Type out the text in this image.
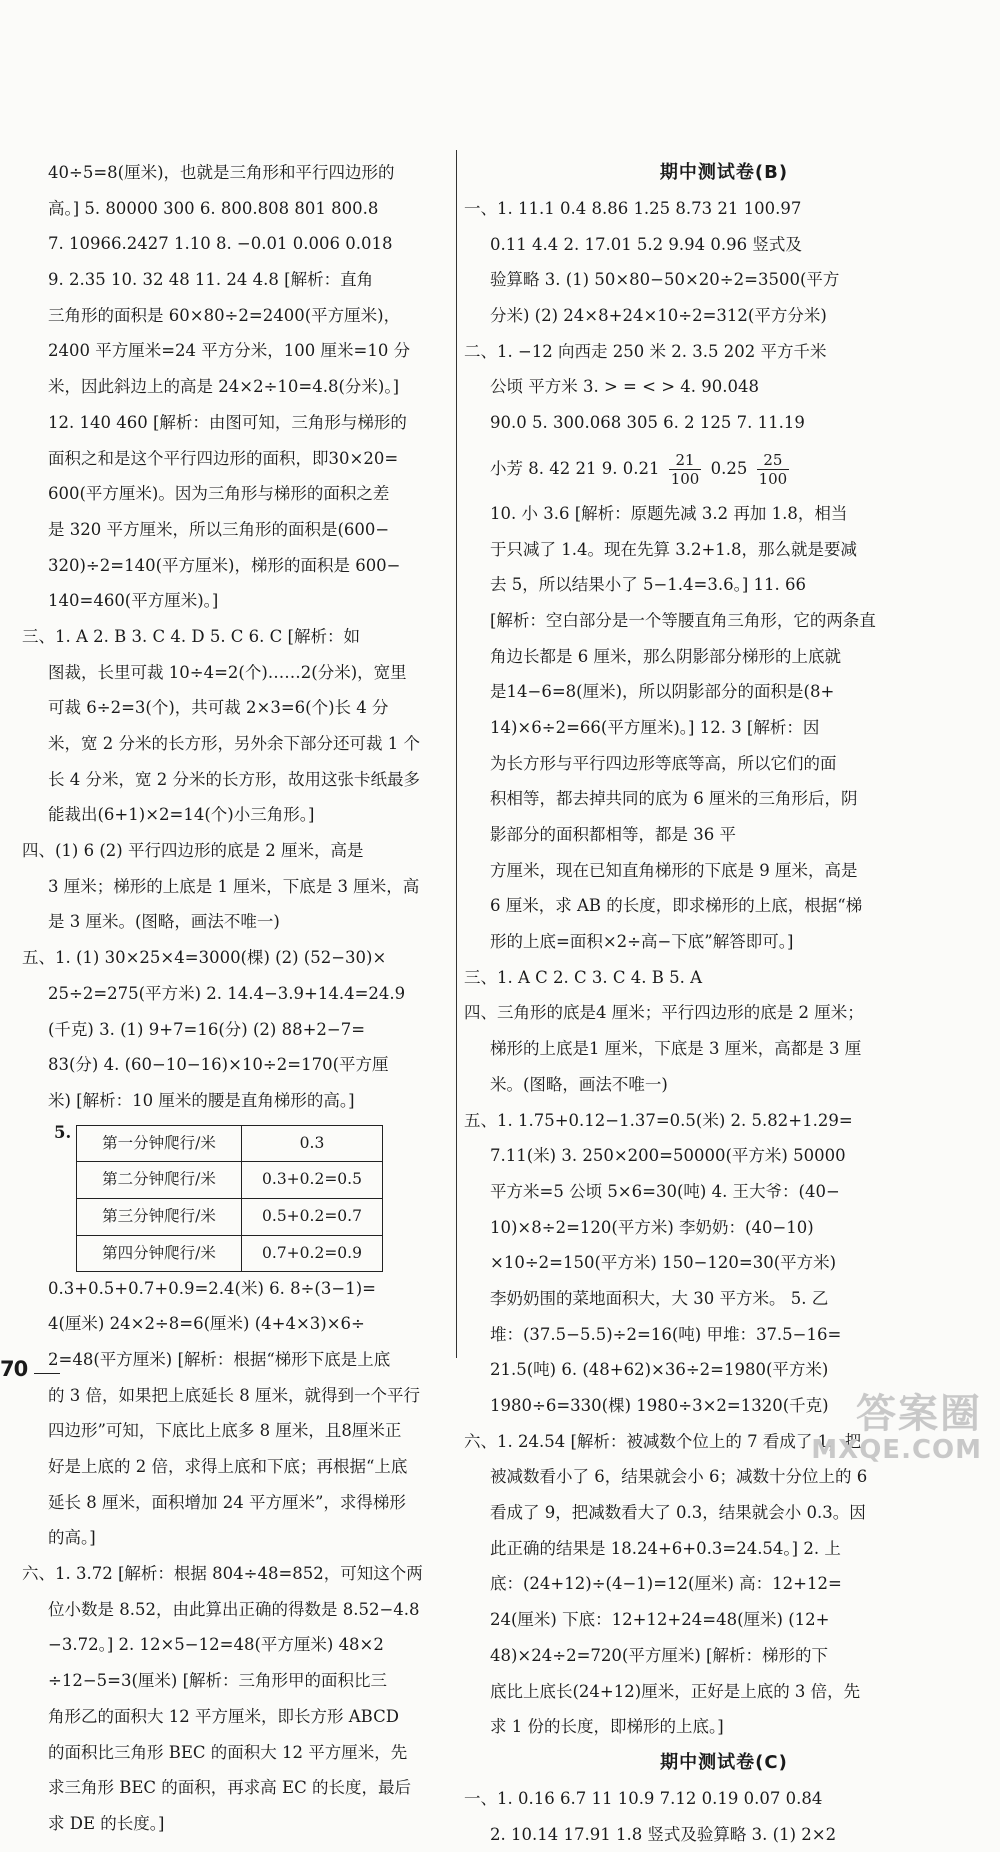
40÷5=8(厘米)，也就是三角形和平行四边形的
高。] 5. 80000 300 6. 800.808 801 800.8
7. 10966.2427 1.10 8. −0.01 0.006 0.018
9. 2.35 10. 32 48 11. 24 4.8 [解析：直角
三角形的面积是 60×80÷2=2400(平方厘米)，
2400 平方厘米=24 平方分米，100 厘米=10 分
米，因此斜边上的高是 24×2÷10=4.8(分米)。]
12. 140 460 [解析：由图可知，三角形与梯形的
面积之和是这个平行四边形的面积，即30×20=
600(平方厘米)。因为三角形与梯形的面积之差
是 320 平方厘米，所以三角形的面积是(600−
320)÷2=140(平方厘米)，梯形的面积是 600−
140=460(平方厘米)。]
三、1. A 2. B 3. C 4. D 5. C 6. C [解析：如
图裁，长里可裁 10÷4=2(个)……2(分米)，宽里
可裁 6÷2=3(个)，共可裁 2×3=6(个)长 4 分
米，宽 2 分米的长方形，另外余下部分还可裁 1 个
长 4 分米，宽 2 分米的长方形，故用这张卡纸最多
能裁出(6+1)×2=14(个)小三角形。]
四、(1) 6 (2) 平行四边形的底是 2 厘米，高是
3 厘米；梯形的上底是 1 厘米，下底是 3 厘米，高
是 3 厘米。(图略，画法不唯一)
五、1. (1) 30×25×4=3000(棵) (2) (52−30)×
25÷2=275(平方米) 2. 14.4−3.9+14.4=24.9
(千克) 3. (1) 9+7=16(分) (2) 88+2−7=
83(分) 4. (60−10−16)×10÷2=170(平方厘
米) [解析：10 厘米的腰是直角梯形的高。]
5.
第一分钟爬行/米	0.3
第二分钟爬行/米	0.3+0.2=0.5
第三分钟爬行/米	0.5+0.2=0.7
第四分钟爬行/米	0.7+0.2=0.9
0.3+0.5+0.7+0.9=2.4(米) 6. 8÷(3−1)=
4(厘米) 24×2÷8=6(厘米) (4+4×3)×6÷
2=48(平方厘米) [解析：根据“梯形下底是上底
的 3 倍，如果把上底延长 8 厘米，就得到一个平行
四边形”可知，下底比上底多 8 厘米，且8厘米正
好是上底的 2 倍，求得上底和下底；再根据“上底
延长 8 厘米，面积增加 24 平方厘米”，求得梯形
的高。]
六、1. 3.72 [解析：根据 804÷48=852，可知这个两
位小数是 8.52，由此算出正确的得数是 8.52−4.8
−3.72。] 2. 12×5−12=48(平方厘米) 48×2
÷12−5=3(厘米) [解析：三角形甲的面积比三
角形乙的面积大 12 平方厘米，即长方形 ABCD
的面积比三角形 BEC 的面积大 12 平方厘米，先
求三角形 BEC 的面积，再求高 EC 的长度，最后
求 DE 的长度。]
期中测试卷(B)
一、1. 11.1 0.4 8.86 1.25 8.73 21 100.97
0.11 4.4 2. 17.01 5.2 9.94 0.96 竖式及
验算略 3. (1) 50×80−50×20÷2=3500(平方
分米) (2) 24×8+24×10÷2=312(平方分米)
二、1. −12 向西走 250 米 2. 3.5 202 平方千米
公顷 平方米 3. > = < > 4. 90.048
90.0 5. 300.068 305 6. 2 125 7. 11.19
小芳 8. 42 21 9. $0.21 \frac{21}{100} 0.25 \frac{25}{100}$
10. 小 3.6 [解析：原题先减 3.2 再加 1.8，相当
于只减了 1.4。现在先算 3.2+1.8，那么就是要减
去 5，所以结果小了 5−1.4=3.6。] 11. 66
[解析：空白部分是一个等腰直角三角形，它的两条直
角边长都是 6 厘米，那么阴影部分梯形的上底就
是14−6=8(厘米)，所以阴影部分的面积是(8+
14)×6÷2=66(平方厘米)。] 12. 3 [解析：因
为长方形与平行四边形等底等高，所以它们的面
积相等，都去掉共同的底为 6 厘米的三角形后，阴
影部分的面积都相等，都是 36 平
方厘米，现在已知直角梯形的下底是 9 厘米，高是
6 厘米，求 AB 的长度，即求梯形的上底，根据“梯
形的上底=面积×2÷高−下底”解答即可。]
三、1. A C 2. C 3. C 4. B 5. A
四、三角形的底是4 厘米；平行四边形的底是 2 厘米；
梯形的上底是1 厘米，下底是 3 厘米，高都是 3 厘
米。(图略，画法不唯一)
五、1. 1.75+0.12−1.37=0.5(米) 2. 5.82+1.29=
7.11(米) 3. 250×200=50000(平方米) 50000
平方米=5 公顷 5×6=30(吨) 4. 王大爷：(40−
10)×8÷2=120(平方米) 李奶奶：(40−10)
×10÷2=150(平方米) 150−120=30(平方米)
李奶奶围的菜地面积大，大 30 平方米。 5. 乙
堆：(37.5−5.5)÷2=16(吨) 甲堆：37.5−16=
21.5(吨) 6. (48+62)×36÷2=1980(平方米)
1980÷6=330(棵) 1980÷3×2=1320(千克)
六、1. 24.54 [解析：被减数个位上的 7 看成了 1，把
被减数看小了 6，结果就会小 6；减数十分位上的 6
看成了 9，把减数看大了 0.3，结果就会小 0.3。因
此正确的结果是 18.24+6+0.3=24.54。] 2. 上
底：(24+12)÷(4−1)=12(厘米) 高：12+12=
24(厘米) 下底：12+12+24=48(厘米) (12+
48)×24÷2=720(平方厘米) [解析：梯形的下
底比上底长(24+12)厘米，正好是上底的 3 倍，先
求 1 份的长度，即梯形的上底。]
期中测试卷(C)
一、1. 0.16 6.7 11 10.9 7.12 0.19 0.07 0.84
2. 10.14 17.91 1.8 竖式及验算略 3. (1) 2×2
70
答案圈
MXQE.COM
